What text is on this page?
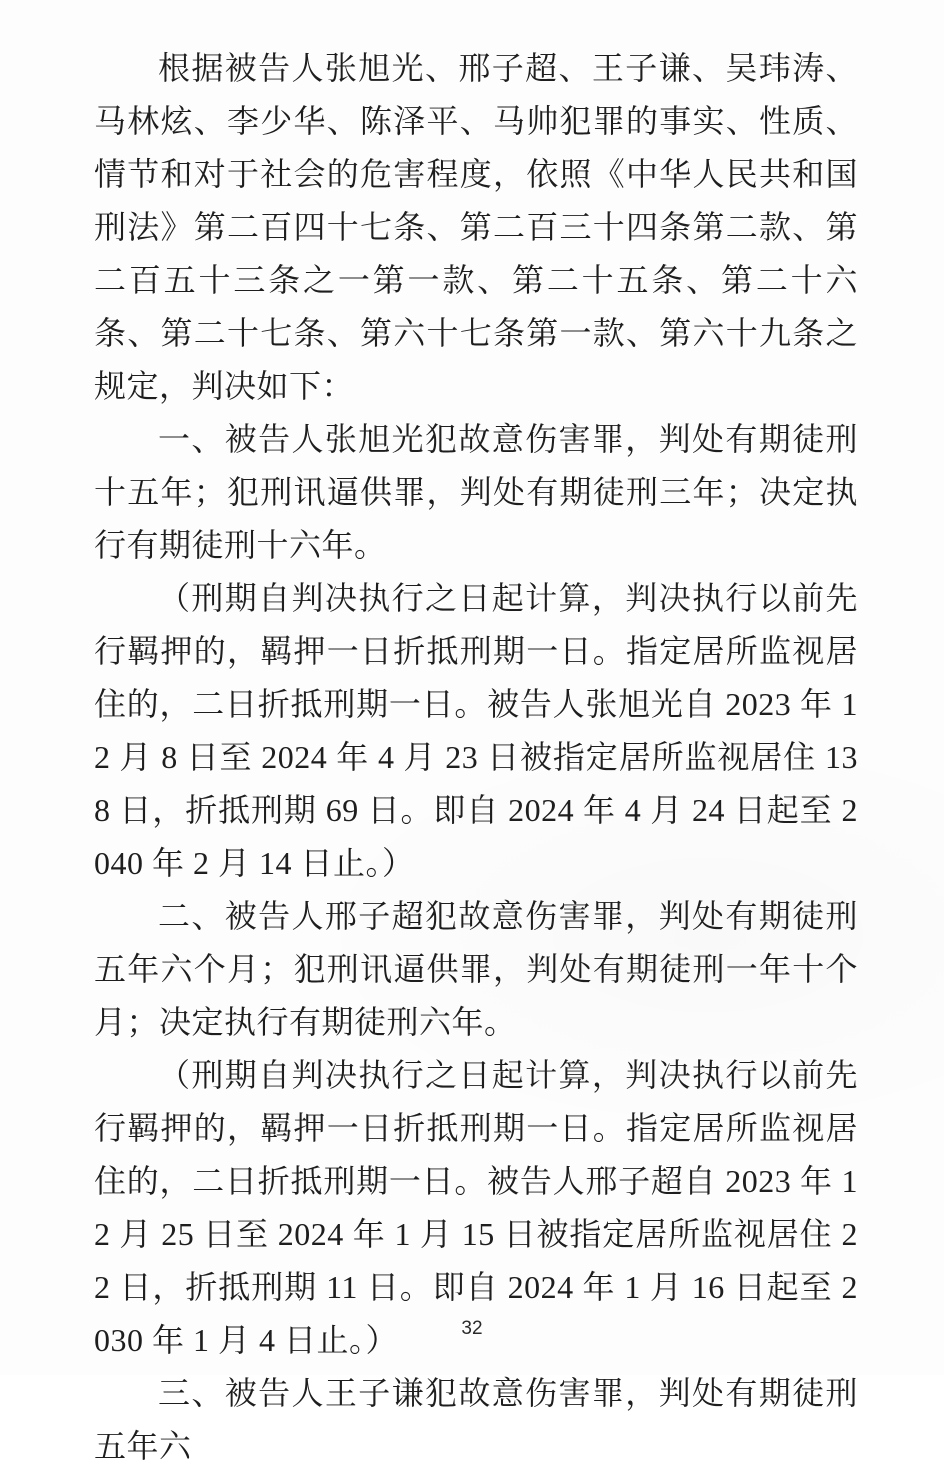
根据被告人张旭光、邢子超、王子谦、吴玮涛、马林炫、李少华、陈泽平、马帅犯罪的事实、性质、情节和对于社会的危害程度，依照《中华人民共和国刑法》第二百四十七条、第二百三十四条第二款、第二百五十三条之一第一款、第二十五条、第二十六条、第二十七条、第六十七条第一款、第六十九条之规定，判决如下：

一、被告人张旭光犯故意伤害罪，判处有期徒刑十五年；犯刑讯逼供罪，判处有期徒刑三年；决定执行有期徒刑十六年。

（刑期自判决执行之日起计算，判决执行以前先行羁押的，羁押一日折抵刑期一日。指定居所监视居住的，二日折抵刑期一日。被告人张旭光自 2023 年 12 月 8 日至 2024 年 4 月 23 日被指定居所监视居住 138 日，折抵刑期 69 日。即自 2024 年 4 月 24 日起至 2040 年 2 月 14 日止。）

二、被告人邢子超犯故意伤害罪，判处有期徒刑五年六个月；犯刑讯逼供罪，判处有期徒刑一年十个月；决定执行有期徒刑六年。

（刑期自判决执行之日起计算，判决执行以前先行羁押的，羁押一日折抵刑期一日。指定居所监视居住的，二日折抵刑期一日。被告人邢子超自 2023 年 12 月 25 日至 2024 年 1 月 15 日被指定居所监视居住 22 日，折抵刑期 11 日。即自 2024 年 1 月 16 日起至 2030 年 1 月 4 日止。）

三、被告人王子谦犯故意伤害罪，判处有期徒刑五年六

32
